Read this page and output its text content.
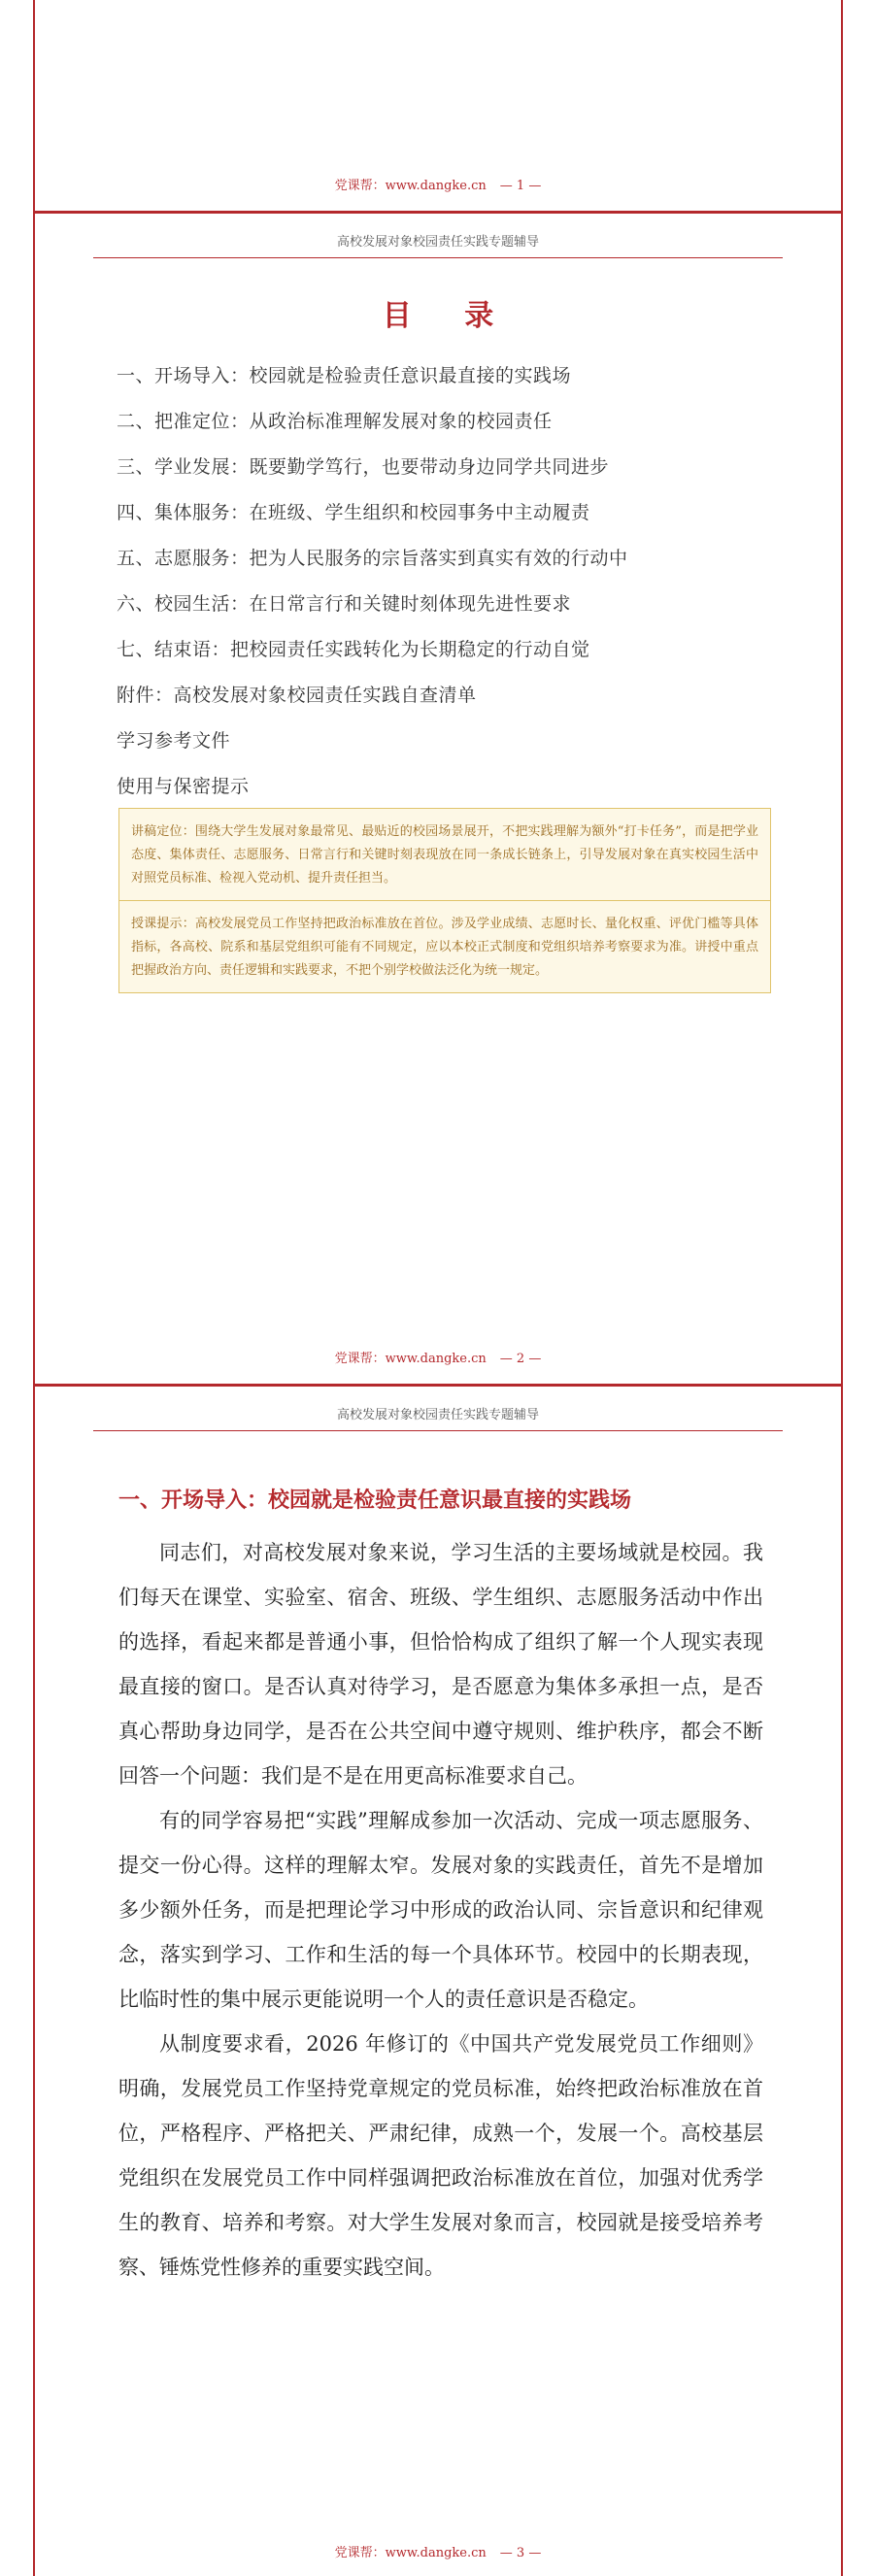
党课帮：www.dangke.cn — 1 —
高校发展对象校园责任实践专题辅导
目 录
一、开场导入：校园就是检验责任意识最直接的实践场
二、把准定位：从政治标准理解发展对象的校园责任
三、学业发展：既要勤学笃行，也要带动身边同学共同进步
四、集体服务：在班级、学生组织和校园事务中主动履责
五、志愿服务：把为人民服务的宗旨落实到真实有效的行动中
六、校园生活：在日常言行和关键时刻体现先进性要求
七、结束语：把校园责任实践转化为长期稳定的行动自觉
附件：高校发展对象校园责任实践自查清单
学习参考文件
使用与保密提示
讲稿定位：围绕大学生发展对象最常见、最贴近的校园场景展开，不把实践理解为额外“打卡任务”，而是把学业态度、集体责任、志愿服务、日常言行和关键时刻表现放在同一条成长链条上，引导发展对象在真实校园生活中对照党员标准、检视入党动机、提升责任担当。
授课提示：高校发展党员工作坚持把政治标准放在首位。涉及学业成绩、志愿时长、量化权重、评优门槛等具体指标，各高校、院系和基层党组织可能有不同规定，应以本校正式制度和党组织培养考察要求为准。讲授中重点把握政治方向、责任逻辑和实践要求，不把个别学校做法泛化为统一规定。
党课帮：www.dangke.cn — 2 —
高校发展对象校园责任实践专题辅导
一、开场导入：校园就是检验责任意识最直接的实践场

同志们，对高校发展对象来说，学习生活的主要场域就是校园。我们每天在课堂、实验室、宿舍、班级、学生组织、志愿服务活动中作出的选择，看起来都是普通小事，但恰恰构成了组织了解一个人现实表现最直接的窗口。是否认真对待学习，是否愿意为集体多承担一点，是否真心帮助身边同学，是否在公共空间中遵守规则、维护秩序，都会不断回答一个问题：我们是不是在用更高标准要求自己。

有的同学容易把“实践”理解成参加一次活动、完成一项志愿服务、提交一份心得。这样的理解太窄。发展对象的实践责任，首先不是增加多少额外任务，而是把理论学习中形成的政治认同、宗旨意识和纪律观念，落实到学习、工作和生活的每一个具体环节。校园中的长期表现，比临时性的集中展示更能说明一个人的责任意识是否稳定。

从制度要求看，2026 年修订的《中国共产党发展党员工作细则》明确，发展党员工作坚持党章规定的党员标准，始终把政治标准放在首位，严格程序、严格把关、严肃纪律，成熟一个，发展一个。高校基层党组织在发展党员工作中同样强调把政治标准放在首位，加强对优秀学生的教育、培养和考察。对大学生发展对象而言，校园就是接受培养考察、锤炼党性修养的重要实践空间。

党课帮：www.dangke.cn — 3 —
